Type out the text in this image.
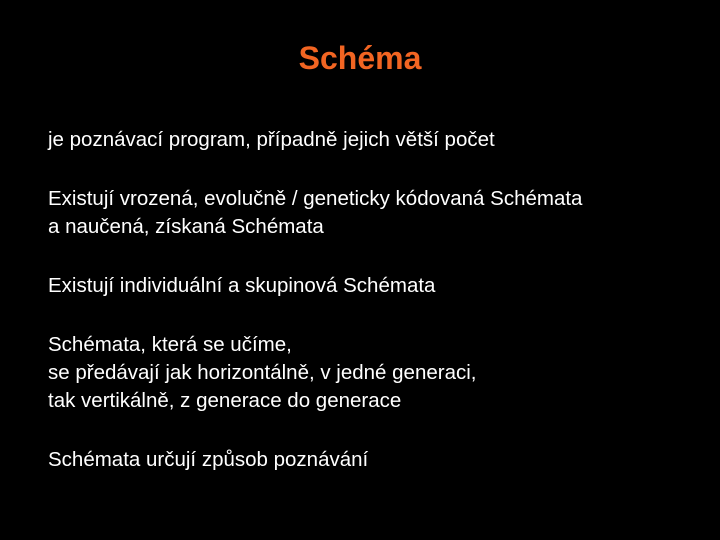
Schéma

je poznávací program, případně jejich větší počet

Existují vrozená, evolučně / geneticky kódovaná Schémata
a naučená, získaná Schémata

Existují individuální a skupinová Schémata

Schémata, která se učíme,
se předávají jak horizontálně, v jedné generaci,
tak vertikálně, z generace do generace

Schémata určují způsob poznávání
